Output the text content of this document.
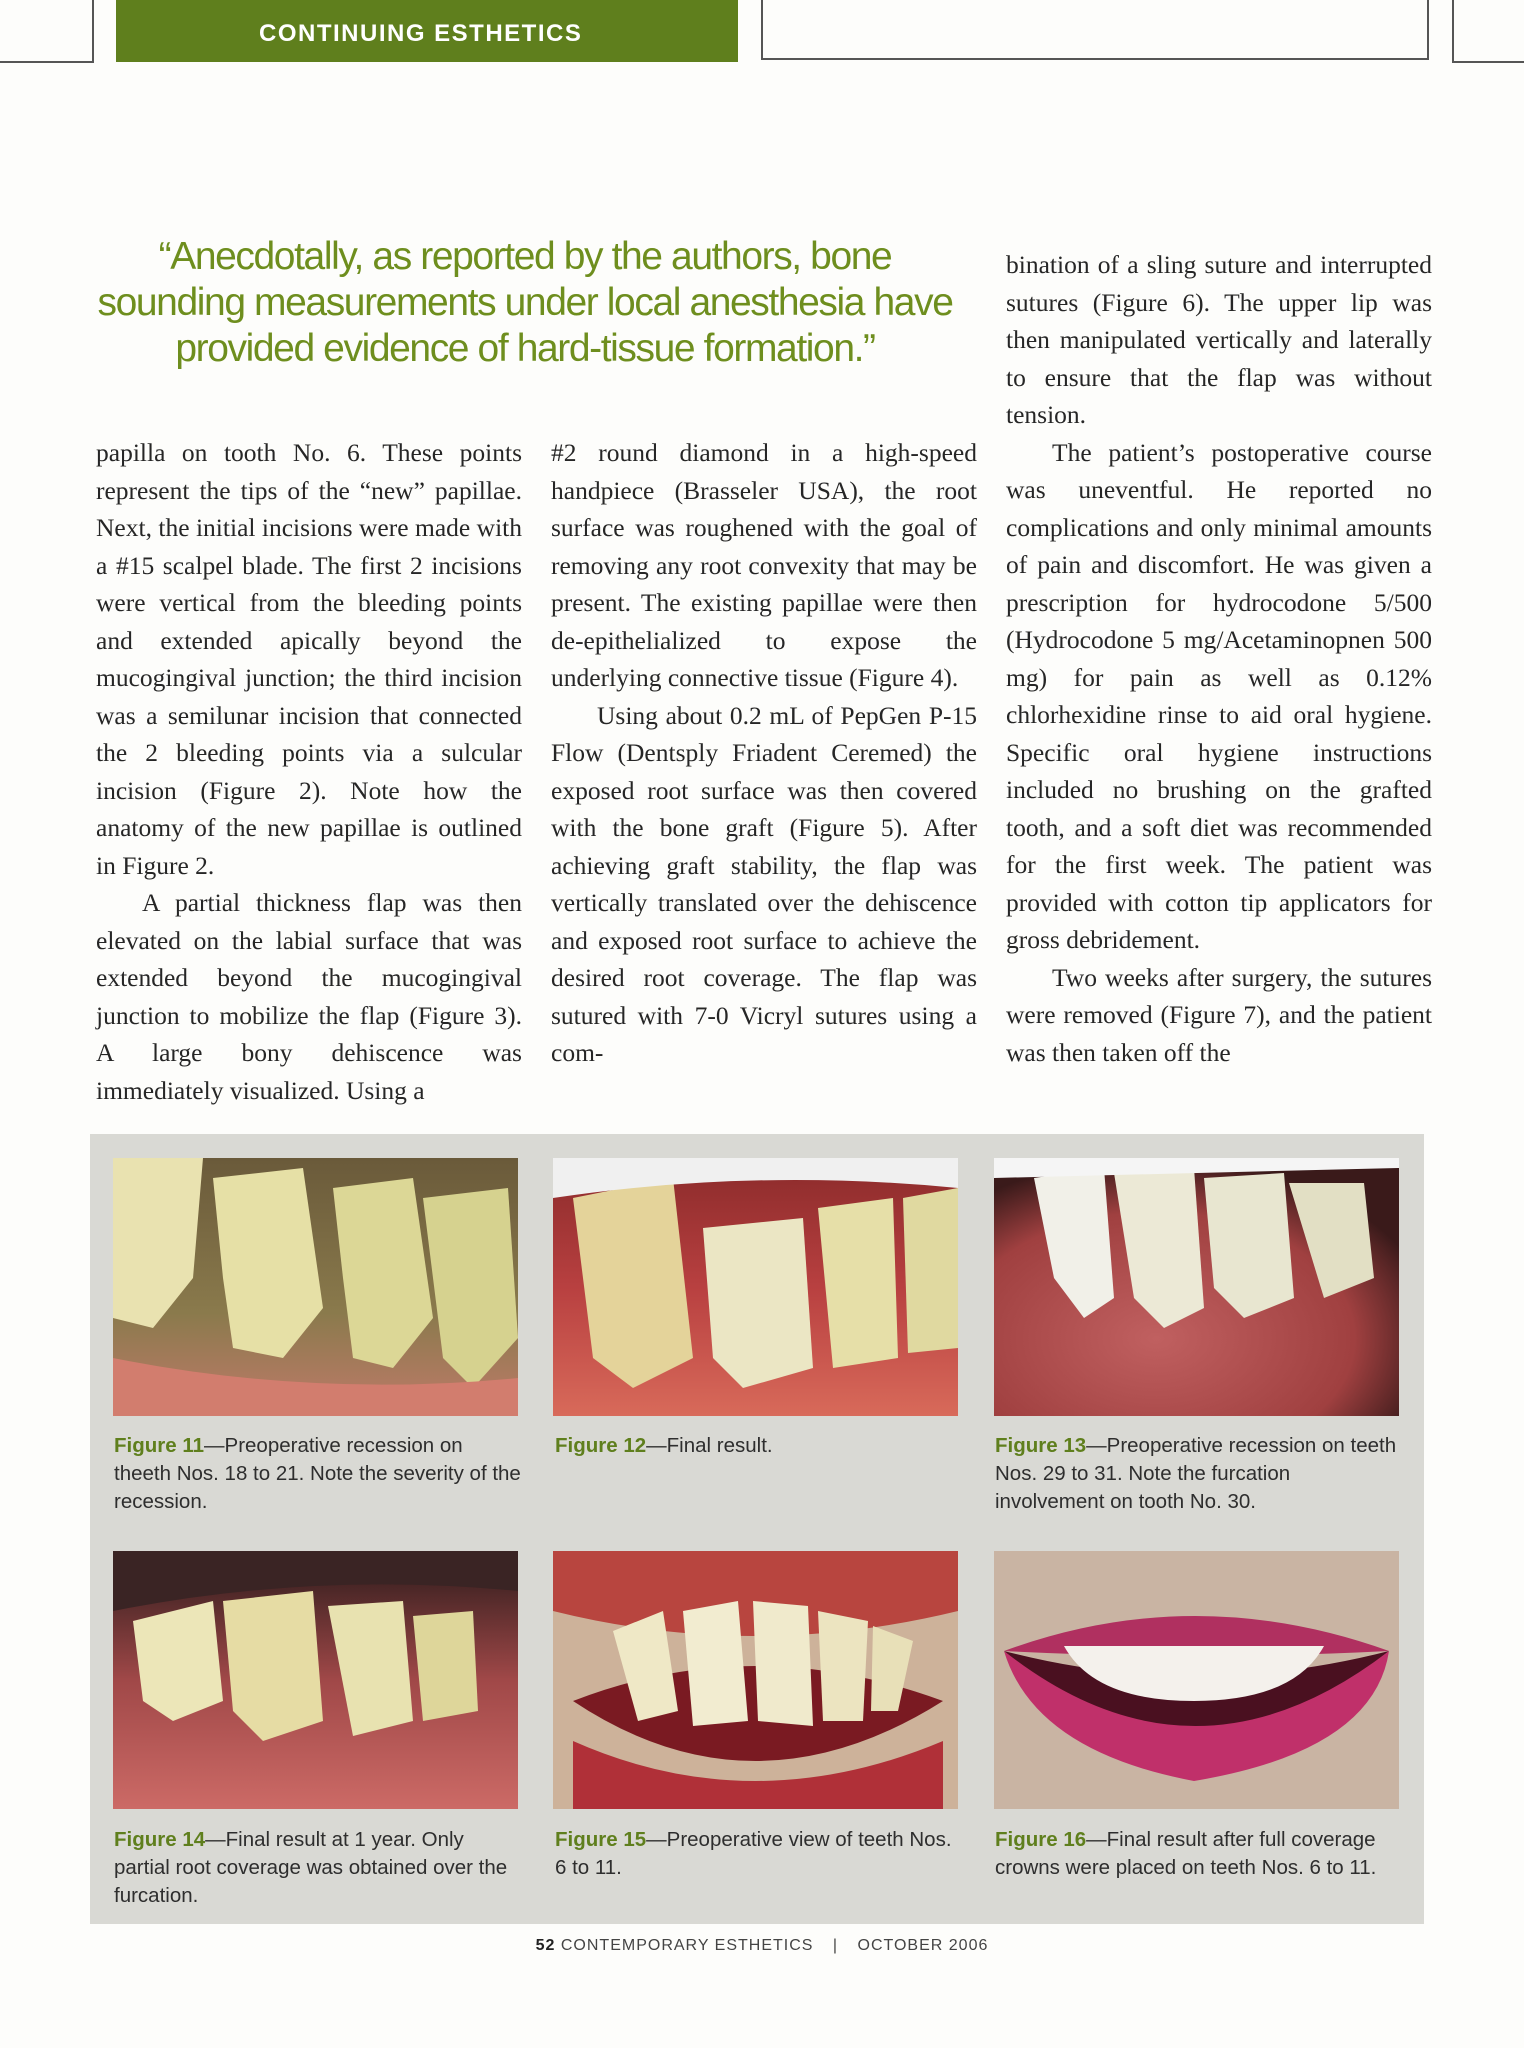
CONTINUING ESTHETICS
“Anecdotally, as reported by the authors, bone sounding measurements under local anesthesia have provided evidence of hard-tissue formation.”

papilla on tooth No. 6. These points represent the tips of the “new” papillae. Next, the initial incisions were made with a #15 scalpel blade. The first 2 incisions were vertical from the bleeding points and extended apically beyond the mucogingival junction; the third incision was a semilunar incision that connected the 2 bleeding points via a sulcular incision (Figure 2). Note how the anatomy of the new papillae is outlined in Figure 2.

A partial thickness flap was then elevated on the labial surface that was extended beyond the mucogingival junction to mobilize the flap (Figure 3). A large bony dehiscence was immediately visualized. Using a

#2 round diamond in a high-speed handpiece (Brasseler USA), the root surface was roughened with the goal of removing any root convexity that may be present. The existing papillae were then de-epithelialized to expose the underlying connective tissue (Figure 4).

Using about 0.2 mL of PepGen P-15 Flow (Dentsply Friadent Ceremed) the exposed root surface was then covered with the bone graft (Figure 5). After achieving graft stability, the flap was vertically translated over the dehiscence and exposed root surface to achieve the desired root coverage. The flap was sutured with 7-0 Vicryl sutures using a com-

bination of a sling suture and interrupted sutures (Figure 6). The upper lip was then manipulated vertically and laterally to ensure that the flap was without tension.

The patient’s postoperative course was uneventful. He reported no complications and only minimal amounts of pain and discomfort. He was given a prescription for hydrocodone 5/500 (Hydrocodone 5 mg/Acetaminopnen 500 mg) for pain as well as 0.12% chlorhexidine rinse to aid oral hygiene. Specific oral hygiene instructions included no brushing on the grafted tooth, and a soft diet was recommended for the first week. The patient was provided with cotton tip applicators for gross debridement.

Two weeks after surgery, the sutures were removed (Figure 7), and the patient was then taken off the

Figure 11—Preoperative recession on theeth Nos. 18 to 21. Note the severity of the recession.
Figure 12—Final result.	Figure 13—Preoperative recession on teeth Nos. 29 to 31. Note the furcation involvement on tooth No. 30.
Figure 14—Final result at 1 year. Only partial root coverage was obtained over the furcation.
Figure 15—Preoperative view of teeth Nos. 6 to 11.
Figure 16—Final result after full coverage crowns were placed on teeth Nos. 6 to 11.
52 CONTEMPORARY ESTHETICS | OCTOBER 2006
